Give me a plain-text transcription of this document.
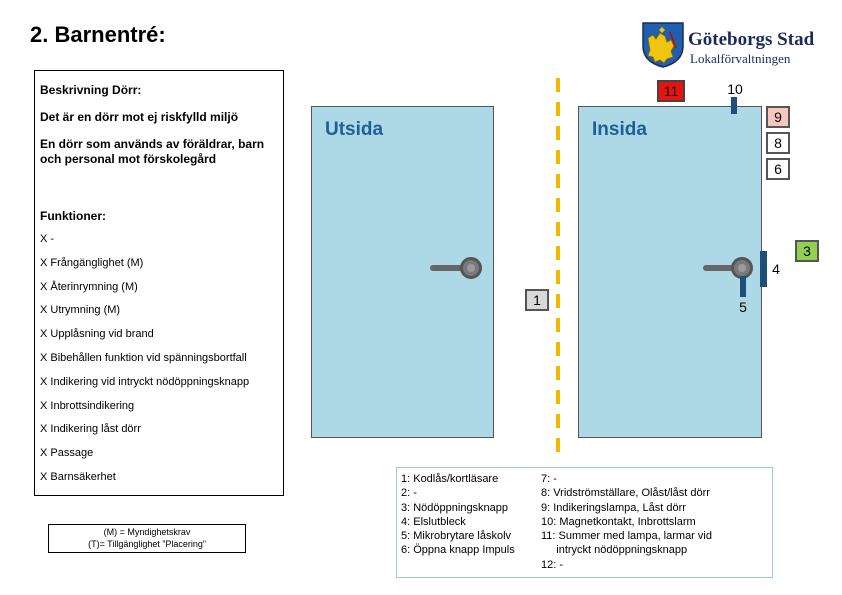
2. Barnentré:	Göteborgs Stad
Lokalförvaltningen
Beskrivning Dörr:
Det är en dörr mot ej riskfylld miljö
En dörr som används av föräldrar, barn och personal mot förskolegård
Funktioner:
X -
X Frångänglighet (M)
X Återinrymning (M)
X Utrymning (M)
X Upplåsning vid brand
X Bibehållen funktion vid spänningsbortfall
X Indikering vid intryckt nödöppningsknapp
X Inbrottsindikering
X Indikering låst dörr
X Passage
X Barnsäkerhet
(M) = Myndighetskrav
(T)= Tillgänglighet ”Placering”
Utsida
1
Insida
4
5
10
11
9
8
6
3
1: Kodlås/kortläsare
2: -
3: Nödöppningsknapp
4: Elslutbleck
5: Mikrobrytare låskolv
6: Öppna knapp Impuls
7: -
8: Vridströmställare, Olåst/låst dörr
9: Indikeringslampa, Låst dörr
10: Magnetkontakt, Inbrottslarm
11: Summer med lampa, larmar vid
intryckt nödöppningsknapp
12: -
